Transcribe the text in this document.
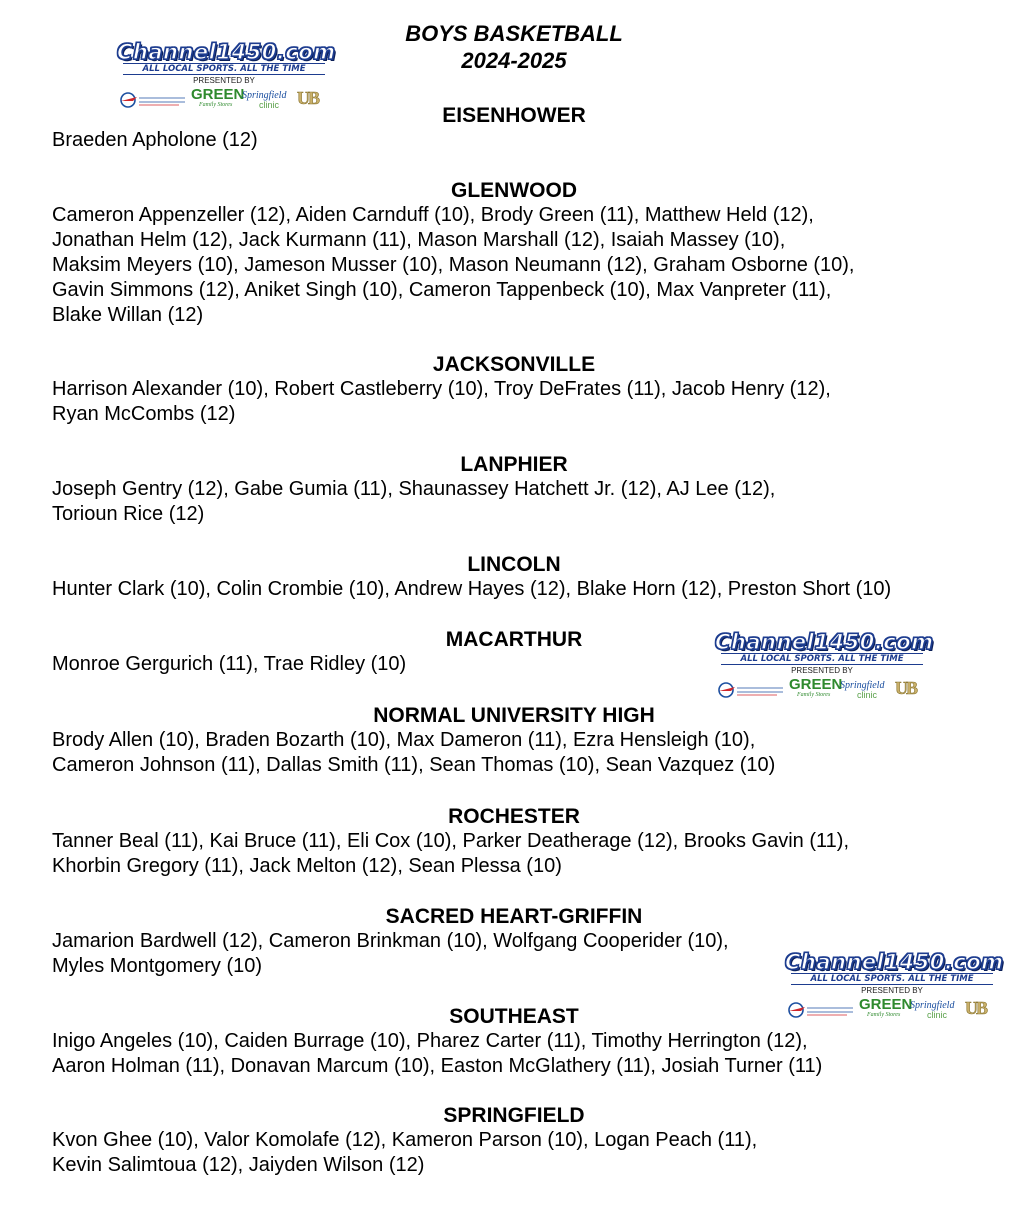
BOYS BASKETBALL
2024-2025
Channel1450.com
ALL LOCAL SPORTS. ALL THE TIME
PRESENTED BY
GREEN
Family Stores
Springfield
clinic UB
Channel1450.com
ALL LOCAL SPORTS. ALL THE TIME
PRESENTED BY
GREEN
Family Stores
Springfield
clinic UB
Channel1450.com
ALL LOCAL SPORTS. ALL THE TIME
PRESENTED BY
GREEN
Family Stores
Springfield
clinic UB
EISENHOWER
Braeden Apholone (12)
GLENWOOD
Cameron Appenzeller (12), Aiden Carnduff (10), Brody Green (11), Matthew Held (12),
Jonathan Helm (12), Jack Kurmann (11), Mason Marshall (12), Isaiah Massey (10),
Maksim Meyers (10), Jameson Musser (10), Mason Neumann (12), Graham Osborne (10),
Gavin Simmons (12), Aniket Singh (10), Cameron Tappenbeck (10), Max Vanpreter (11),
Blake Willan (12)
JACKSONVILLE
Harrison Alexander (10), Robert Castleberry (10), Troy DeFrates (11), Jacob Henry (12),
Ryan McCombs (12)
LANPHIER
Joseph Gentry (12), Gabe Gumia (11), Shaunassey Hatchett Jr. (12), AJ Lee (12),
Torioun Rice (12)
LINCOLN
Hunter Clark (10), Colin Crombie (10), Andrew Hayes (12), Blake Horn (12), Preston Short (10)
MACARTHUR
Monroe Gergurich (11), Trae Ridley (10)
NORMAL UNIVERSITY HIGH
Brody Allen (10), Braden Bozarth (10), Max Dameron (11), Ezra Hensleigh (10),
Cameron Johnson (11), Dallas Smith (11), Sean Thomas (10), Sean Vazquez (10)
ROCHESTER
Tanner Beal (11), Kai Bruce (11), Eli Cox (10), Parker Deatherage (12), Brooks Gavin (11),
Khorbin Gregory (11), Jack Melton (12), Sean Plessa (10)
SACRED HEART-GRIFFIN
Jamarion Bardwell (12), Cameron Brinkman (10), Wolfgang Cooperider (10),
Myles Montgomery (10)
SOUTHEAST
Inigo Angeles (10), Caiden Burrage (10), Pharez Carter (11), Timothy Herrington (12),
Aaron Holman (11), Donavan Marcum (10), Easton McGlathery (11), Josiah Turner (11)
SPRINGFIELD
Kvon Ghee (10), Valor Komolafe (12), Kameron Parson (10), Logan Peach (11),
Kevin Salimtoua (12), Jaiyden Wilson (12)
